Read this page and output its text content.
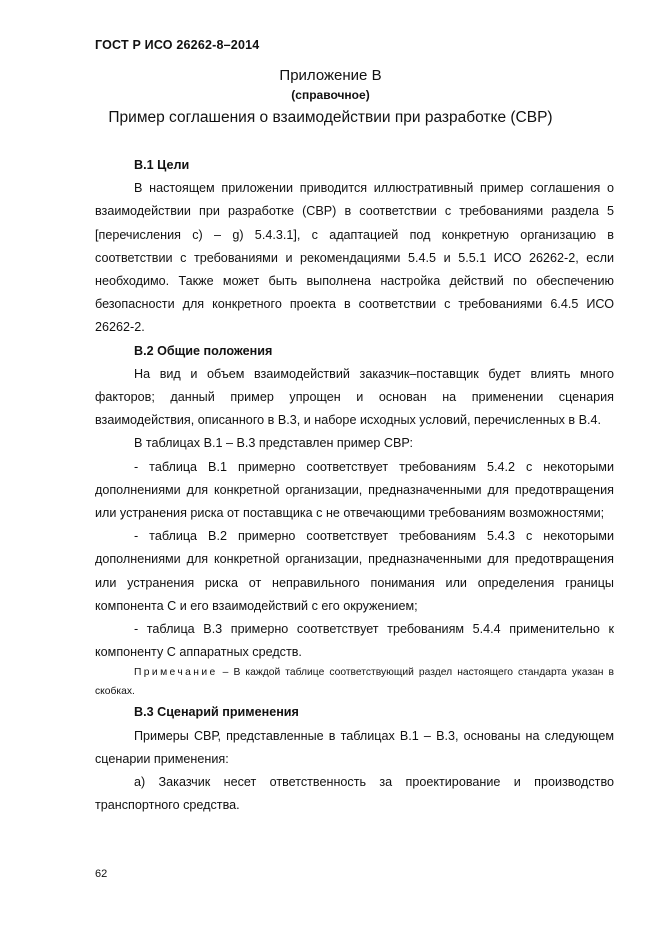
ГОСТ Р ИСО 26262-8–2014
Приложение В
(справочное)
Пример соглашения о взаимодействии при разработке (СВР)

В.1 Цели

В настоящем приложении приводится иллюстративный пример соглашения о взаимодействии при разработке (СВР) в соответствии с требованиями раздела 5 [перечисления c) – g) 5.4.3.1], с адаптацией под конкретную организацию в соответствии с требованиями и рекомендациями 5.4.5 и 5.5.1 ИСО 26262-2, если необходимо. Также может быть выполнена настройка действий по обеспечению безопасности для конкретного проекта в соответствии с требованиями 6.4.5 ИСО 26262-2.

В.2 Общие положения

На вид и объем взаимодействий заказчик–поставщик будет влиять много факторов; данный пример упрощен и основан на применении сценария взаимодействия, описанного в В.3, и наборе исходных условий, перечисленных в В.4.

В таблицах В.1 – В.3 представлен пример СВР:

- таблица В.1 примерно соответствует требованиям 5.4.2 с некоторыми дополнениями для конкретной организации, предназначенными для предотвращения или устранения риска от поставщика с не отвечающими требованиям возможностями;

- таблица В.2 примерно соответствует требованиям 5.4.3 с некоторыми дополнениями для конкретной организации, предназначенными для предотвращения или устранения риска от неправильного понимания или определения границы компонента С и его взаимодействий с его окружением;

- таблица В.3 примерно соответствует требованиям 5.4.4 применительно к компоненту С аппаратных средств.

Примечание – В каждой таблице соответствующий раздел настоящего стандарта указан в скобках.

В.3 Сценарий применения

Примеры СВР, представленные в таблицах В.1 – В.3, основаны на следующем сценарии применения:

а) Заказчик несет ответственность за проектирование и производство транспортного средства.

62
